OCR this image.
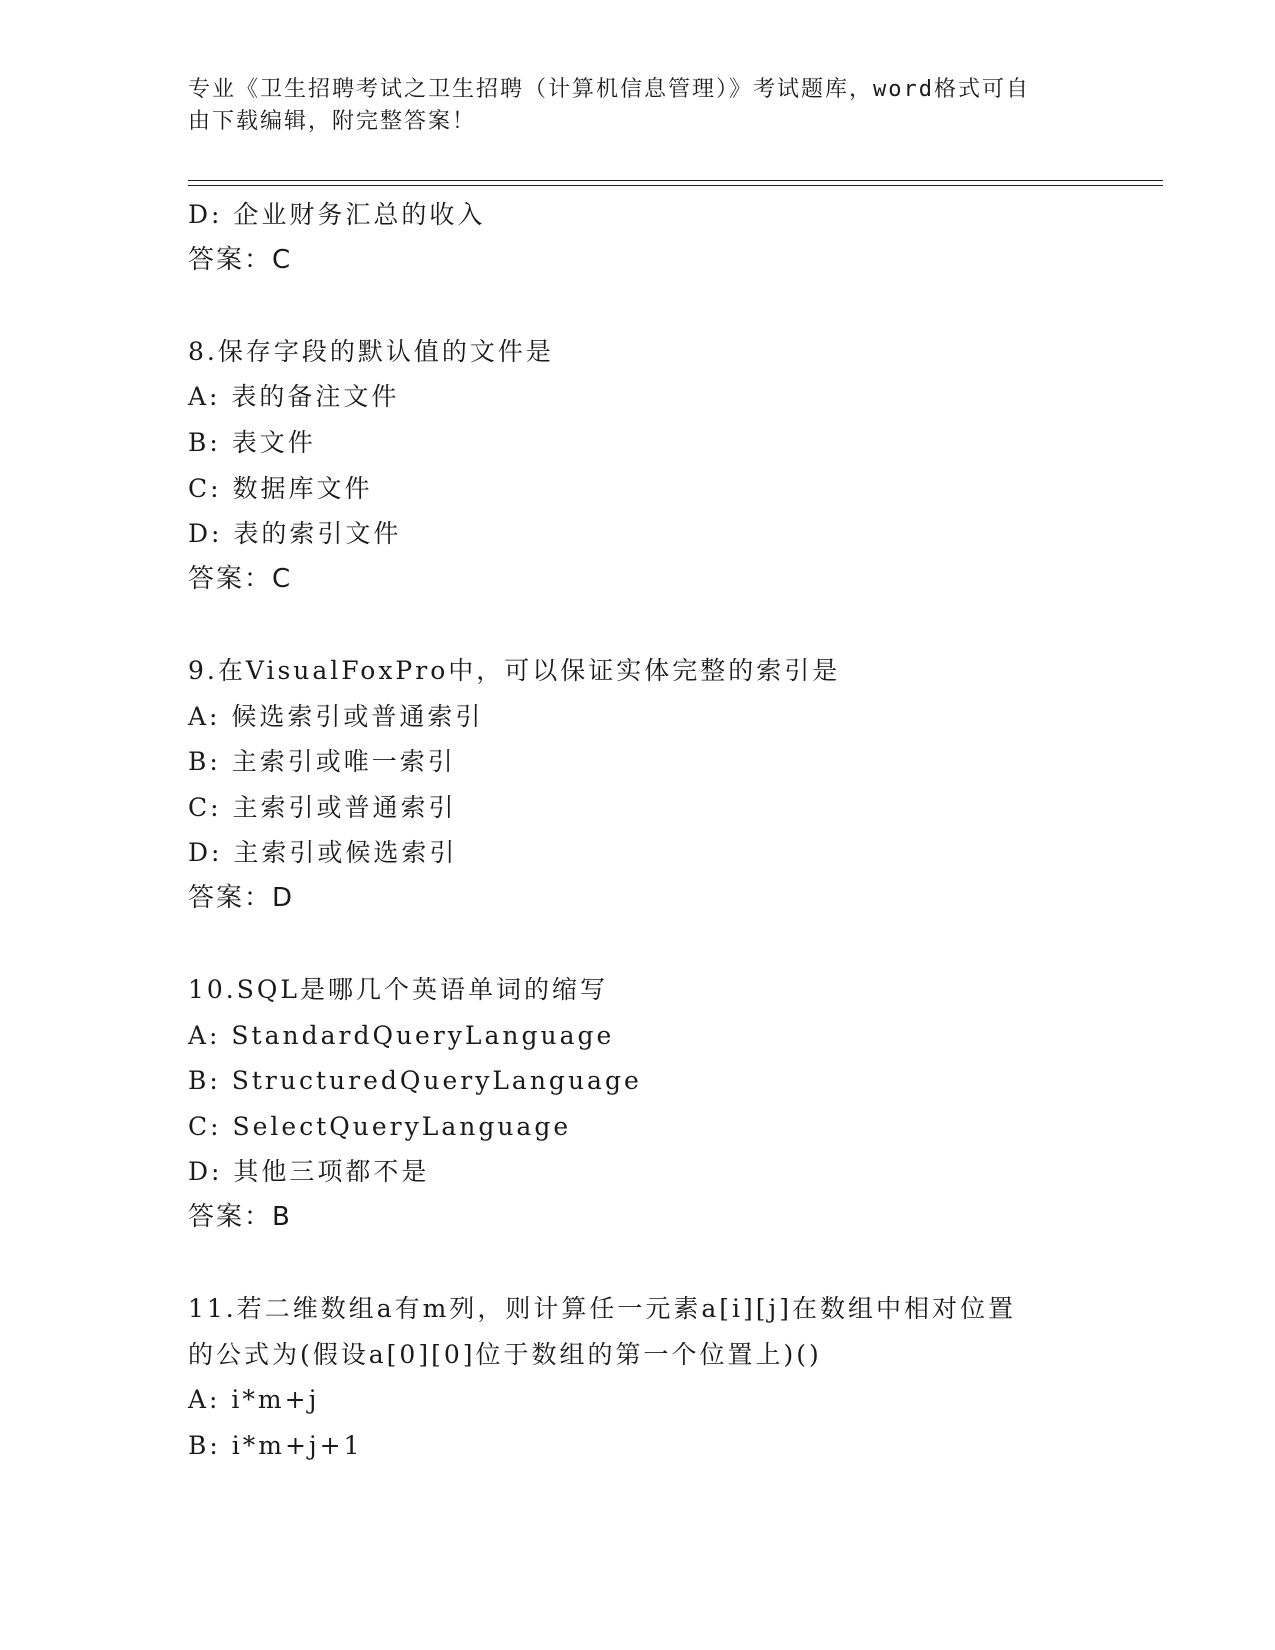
专业《卫生招聘考试之卫生招聘（计算机信息管理）》考试题库，word格式可自
由下载编辑，附完整答案！
D: 企业财务汇总的收入
答案：C
8.保存字段的默认值的文件是
A: 表的备注文件
B: 表文件
C: 数据库文件
D: 表的索引文件
答案：C
9.在VisualFoxPro中，可以保证实体完整的索引是
A: 候选索引或普通索引
B: 主索引或唯一索引
C: 主索引或普通索引
D: 主索引或候选索引
答案：D
10.SQL是哪几个英语单词的缩写
A: StandardQueryLanguage
B: StructuredQueryLanguage
C: SelectQueryLanguage
D: 其他三项都不是
答案：B
11.若二维数组a有m列，则计算任一元素a[i][j]在数组中相对位置
的公式为(假设a[0][0]位于数组的第一个位置上)()
A: i*m+j
B: i*m+j+1
